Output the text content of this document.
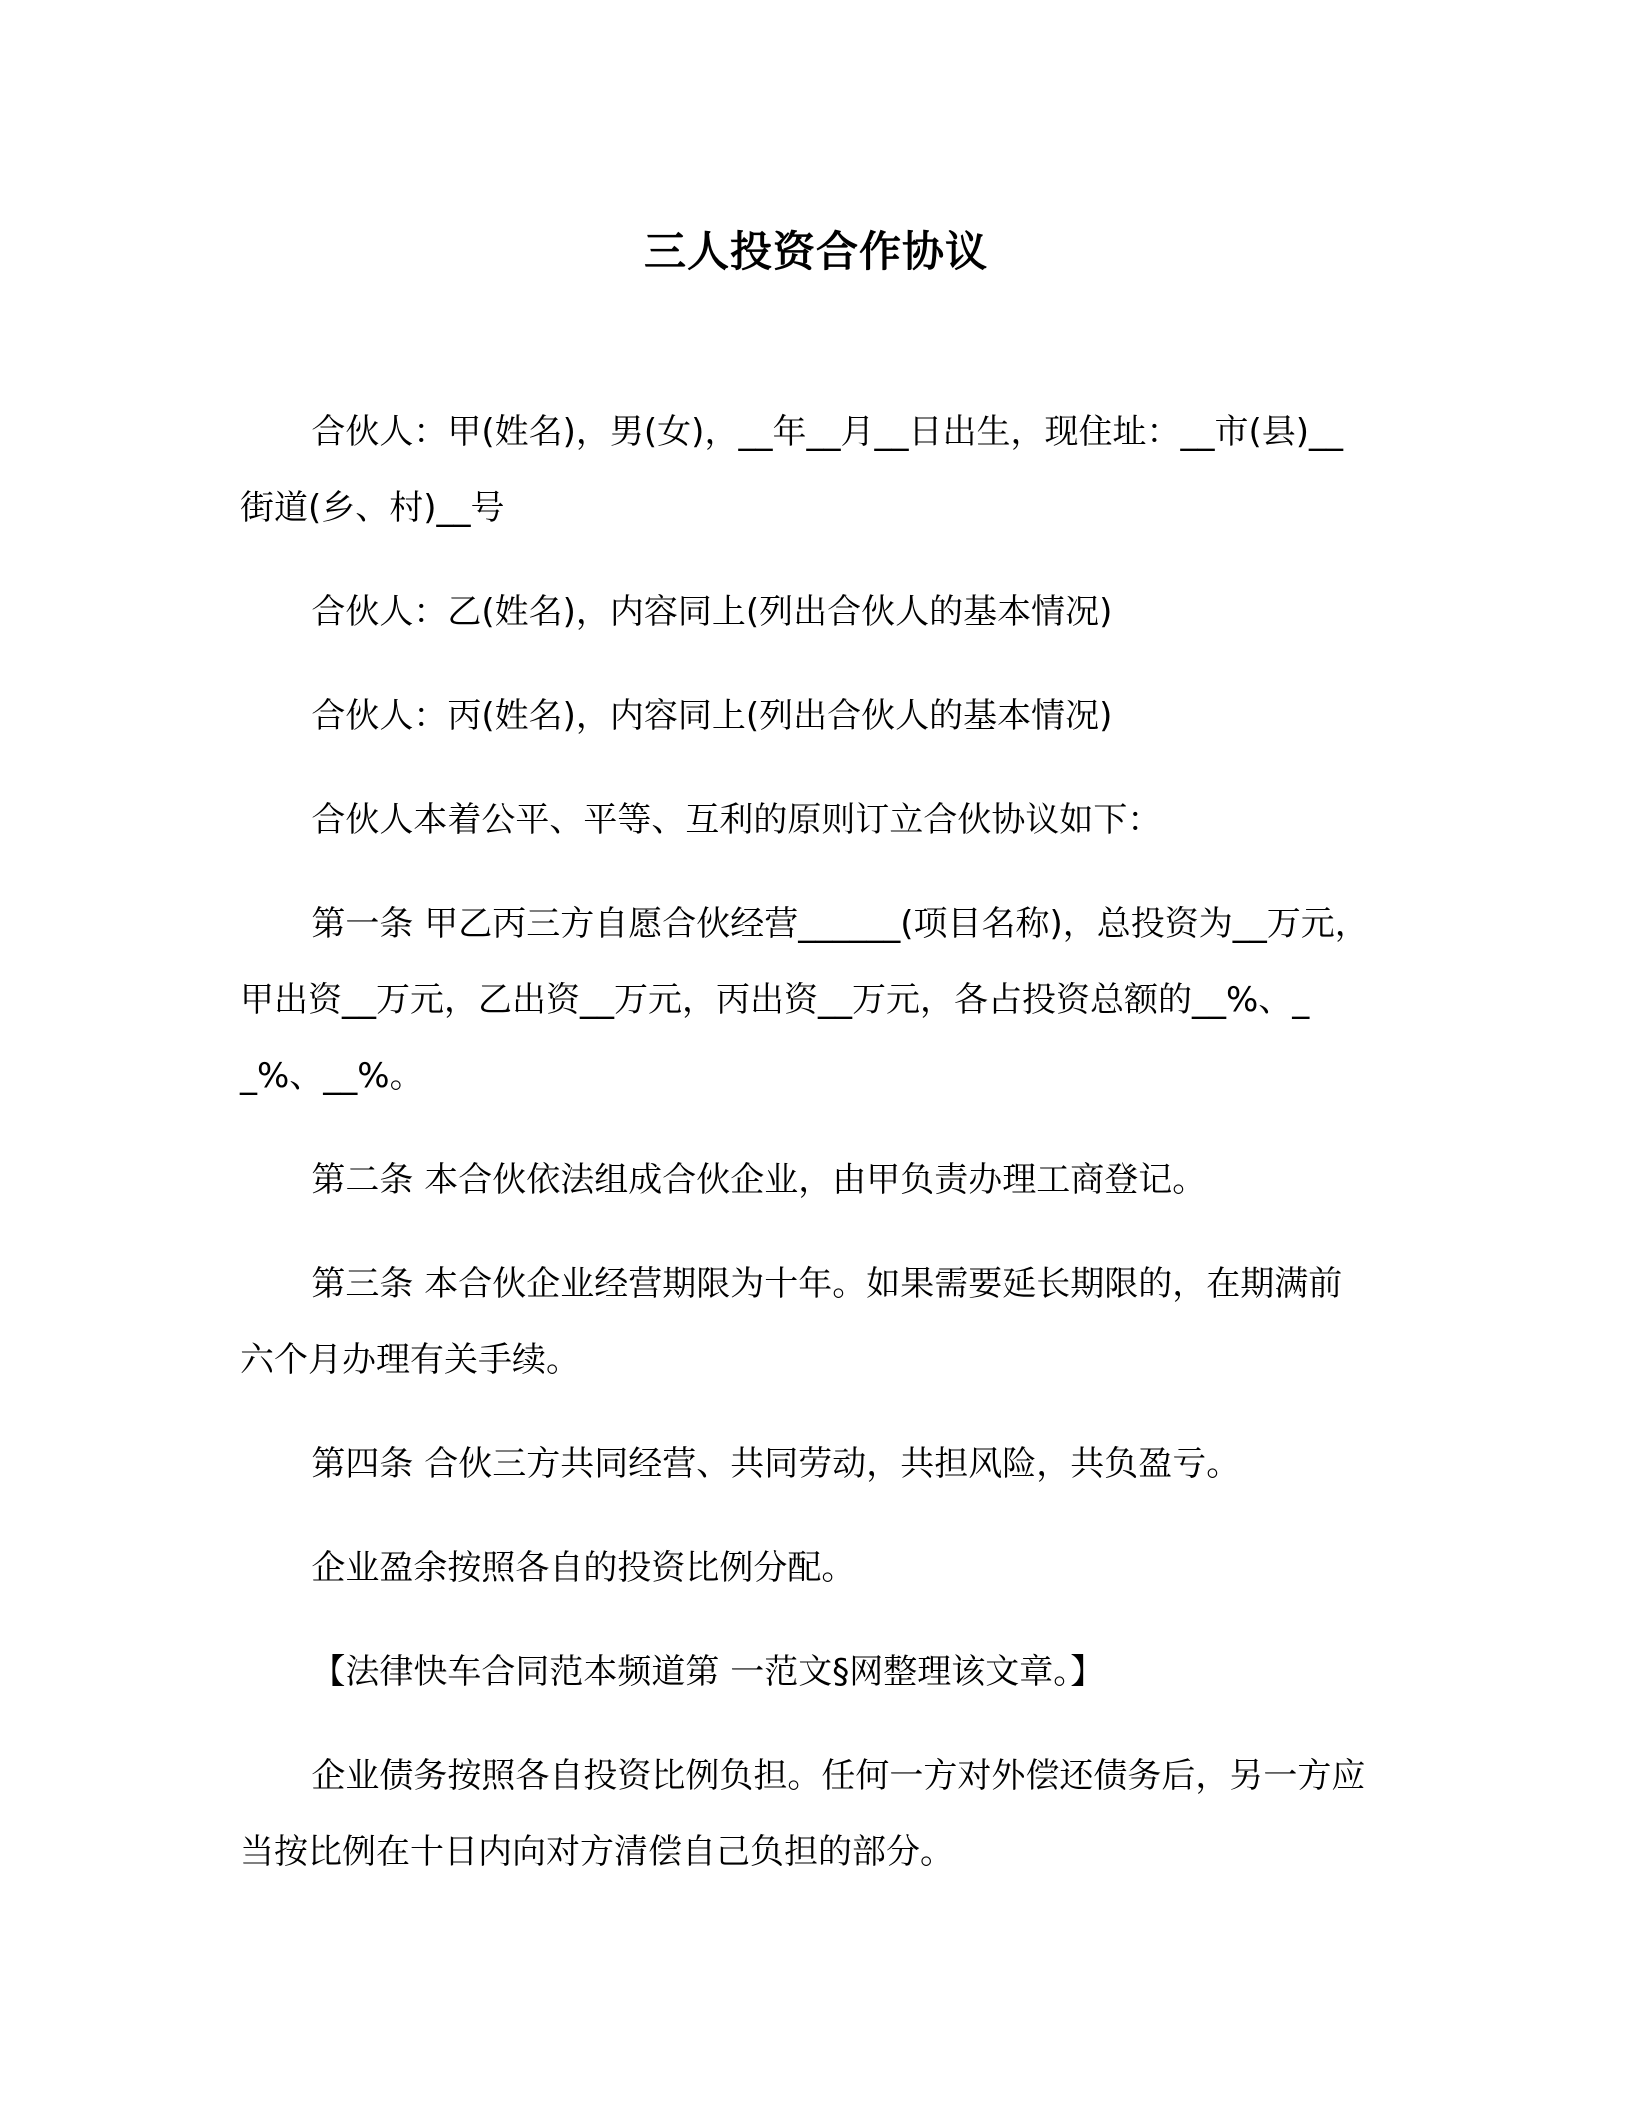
三人投资合作协议

合伙人：甲(姓名)，男(女)，__年__月__日出生，现住址：__市(县)__街道(乡、村)__号

合伙人：乙(姓名)，内容同上(列出合伙人的基本情况)

合伙人：丙(姓名)，内容同上(列出合伙人的基本情况)

合伙人本着公平、平等、互利的原则订立合伙协议如下：

第一条 甲乙丙三方自愿合伙经营______(项目名称)，总投资为__万元，甲出资__万元，乙出资__万元，丙出资__万元，各占投资总额的__%、__%、__%。

第二条 本合伙依法组成合伙企业，由甲负责办理工商登记。

第三条 本合伙企业经营期限为十年。如果需要延长期限的，在期满前六个月办理有关手续。

第四条 合伙三方共同经营、共同劳动，共担风险，共负盈亏。

企业盈余按照各自的投资比例分配。

【法律快车合同范本频道第 一范文§网整理该文章。】

企业债务按照各自投资比例负担。任何一方对外偿还债务后，另一方应当按比例在十日内向对方清偿自己负担的部分。
